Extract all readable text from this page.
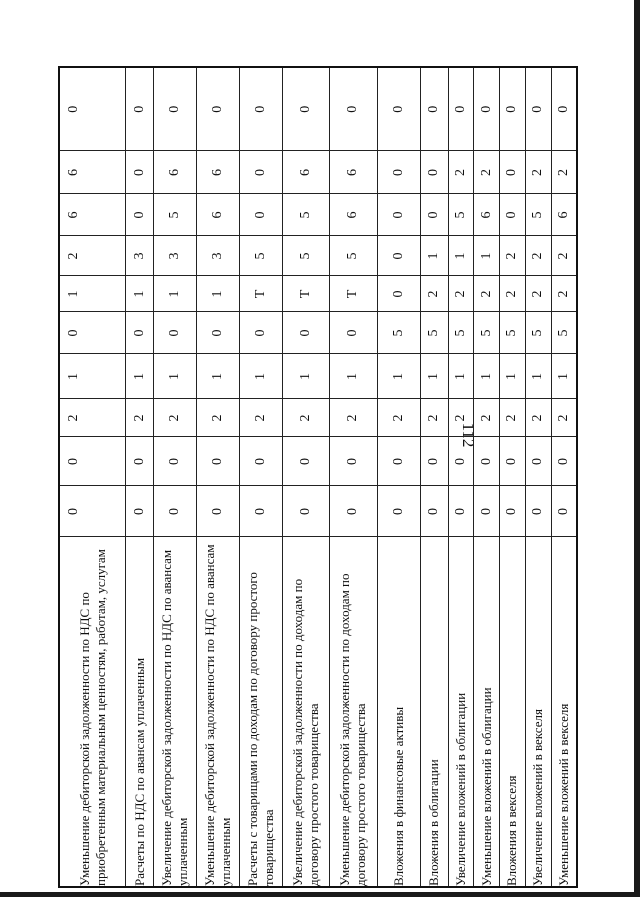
112
Уменьшение дебиторской задолженности по НДС по приобретенным материальным ценностям, работам, услугам	0	0	2	1	0	1	2	6	6	0
Расчеты по НДС по авансам уплаченным	0	0	2	1	0	1	3	0	0	0
Увеличение дебиторской задолженности по НДС по авансам уплаченным	0	0	2	1	0	1	3	5	6	0
Уменьшение дебиторской задолженности по НДС по авансам уплаченным	0	0	2	1	0	1	3	6	6	0
Расчеты с товарищами по доходам по договору простого товарищества	0	0	2	1	0	Т	5	0	0	0
Увеличение дебиторской задолженности по доходам по договору простого товарищества	0	0	2	1	0	Т	5	5	6	0
Уменьшение дебиторской задолженности по доходам по договору простого товарищества	0	0	2	1	0	Т	5	6	6	0
Вложения в финансовые активы	0	0	2	1	5	0	0	0	0	0
Вложения в облигации	0	0	2	1	5	2	1	0	0	0
Увеличение вложений в облигации	0	0	2	1	5	2	1	5	2	0
Уменьшение вложений в облигации	0	0	2	1	5	2	1	6	2	0
Вложения в векселя	0	0	2	1	5	2	2	0	0	0
Увеличение вложений в векселя	0	0	2	1	5	2	2	5	2	0
Уменьшение вложений в векселя	0	0	2	1	5	2	2	6	2	0
